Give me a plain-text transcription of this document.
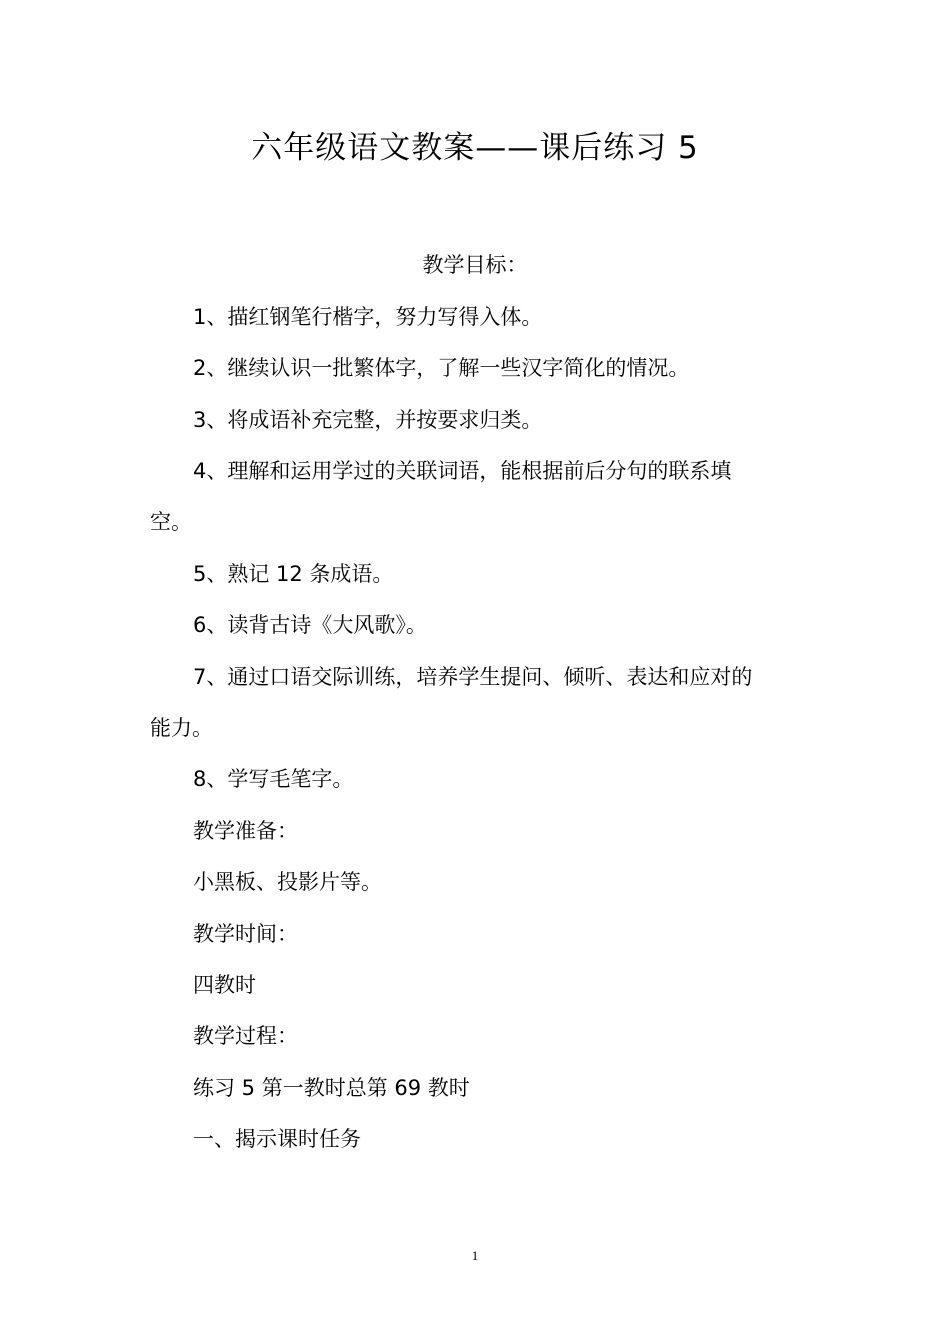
六年级语文教案——课后练习 5
教学目标：
1、描红钢笔行楷字，努力写得入体。
2、继续认识一批繁体字，了解一些汉字简化的情况。
3、将成语补充完整，并按要求归类。
4、理解和运用学过的关联词语，能根据前后分句的联系填
空。
5、熟记 12 条成语。
6、读背古诗《大风歌》。
7、通过口语交际训练，培养学生提问、倾听、表达和应对的
能力。
8、学写毛笔字。
教学准备：
小黑板、投影片等。
教学时间：
四教时
教学过程：
练习 5 第一教时总第 69 教时
一、揭示课时任务
1
